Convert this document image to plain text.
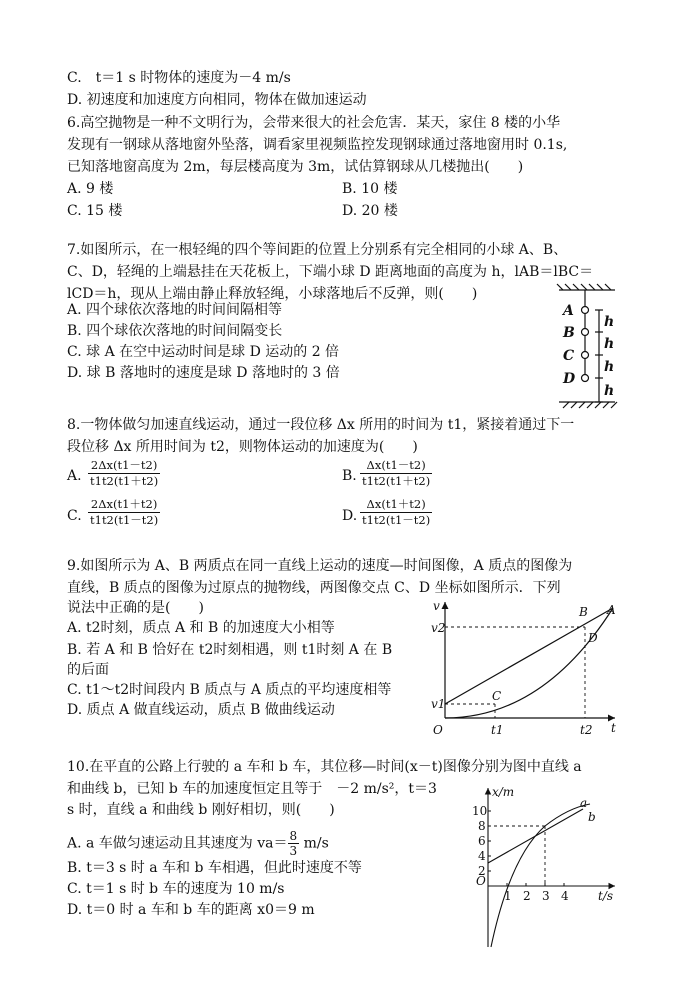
C.　t＝1 s 时物体的速度为－4 m/s
D. 初速度和加速度方向相同，物体在做加速运动
6.高空抛物是一种不文明行为，会带来很大的社会危害．某天，家住 8 楼的小华
发现有一钢球从落地窗外坠落，调看家里视频监控发现钢球通过落地窗用时 0.1s,
已知落地窗高度为 2m，每层楼高度为 3m，试估算钢球从几楼抛出(　　)
A. 9 楼	B. 10 楼
C. 15 楼	D. 20 楼
7.如图所示，在一根轻绳的四个等间距的位置上分别系有完全相同的小球 A、B、
C、D，轻绳的上端悬挂在天花板上，下端小球 D 距离地面的高度为 h，lAB＝lBC＝
lCD＝h，现从上端由静止释放轻绳，小球落地后不反弹，则(　　)
A. 四个球依次落地的时间间隔相等
B. 四个球依次落地的时间间隔变长
C. 球 A 在空中运动时间是球 D 运动的 2 倍
D. 球 B 落地时的速度是球 D 落地时的 3 倍
A
B
C
D
h
h
h
h
8.一物体做匀加速直线运动，通过一段位移 Δx 所用的时间为 t1，紧接着通过下一
段位移 Δx 所用时间为 t2，则物体运动的加速度为(　　)
A. $\frac{2\Delta x(t1-t2)}{t1t2(t1+t2)}$	B. $\frac{\Delta x(t1-t2)}{t1t2(t1+t2)}$
C. $\frac{2\Delta x(t1+t2)}{t1t2(t1-t2)}$	D. $\frac{\Delta x(t1+t2)}{t1t2(t1-t2)}$
9.如图所示为 A、B 两质点在同一直线上运动的速度—时间图像，A 质点的图像为
直线，B 质点的图像为过原点的抛物线，两图像交点 C、D 坐标如图所示．下列
说法中正确的是(　　)
A. t2时刻，质点 A 和 B 的加速度大小相等
B. 若 A 和 B 恰好在 t2时刻相遇，则 t1时刻 A 在 B
的后面
C. t1～t2时间段内 B 质点与 A 质点的平均速度相等
D. 质点 A 做直线运动，质点 B 做曲线运动
v
v2
v1
O	t1	t2 t
A
B
C
D
10.在平直的公路上行驶的 a 车和 b 车，其位移—时间(x－t)图像分别为图中直线 a
和曲线 b，已知 b 车的加速度恒定且等于　－2 m/s²，t＝3
s 时，直线 a 和曲线 b 刚好相切，则(　　)
A. a 车做匀速运动且其速度为 $va= \frac{8}{3} m/s$
B. t＝3 s 时 a 车和 b 车相遇，但此时速度不等
C. t＝1 s 时 b 车的速度为 10 m/s
D. t＝0 时 a 车和 b 车的距离 x0＝9 m
x/m
t/s
O
10
8
6
4
2
1 2 3 4
a
b
